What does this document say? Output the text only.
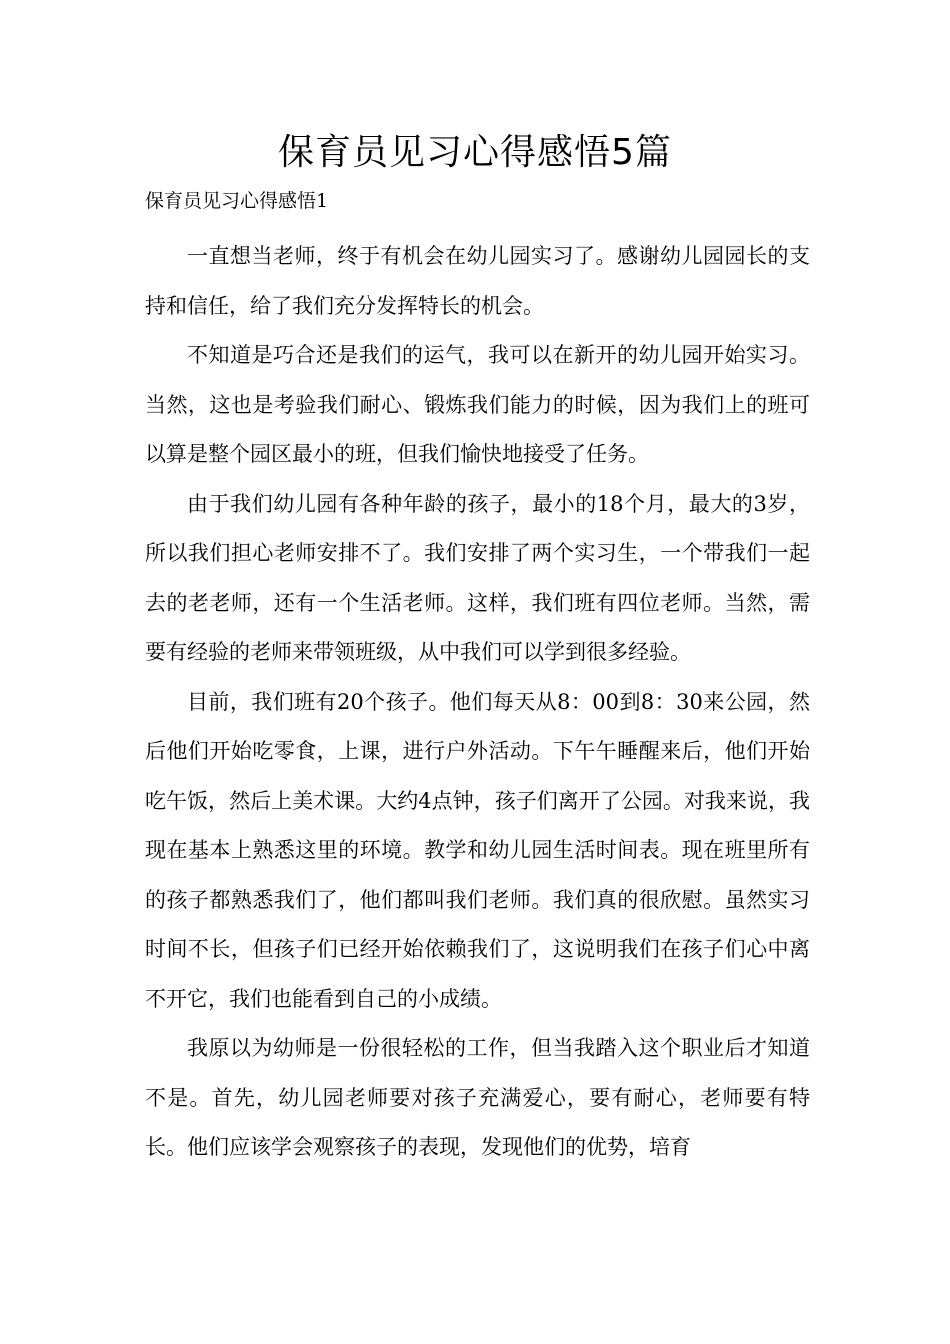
保育员见习心得感悟5篇
保育员见习心得感悟1

一直想当老师，终于有机会在幼儿园实习了。感谢幼儿园园长的支持和信任，给了我们充分发挥特长的机会。

不知道是巧合还是我们的运气，我可以在新开的幼儿园开始实习。当然，这也是考验我们耐心、锻炼我们能力的时候，因为我们上的班可以算是整个园区最小的班，但我们愉快地接受了任务。

由于我们幼儿园有各种年龄的孩子，最小的18个月，最大的3岁，所以我们担心老师安排不了。我们安排了两个实习生，一个带我们一起去的老老师，还有一个生活老师。这样，我们班有四位老师。当然，需要有经验的老师来带领班级，从中我们可以学到很多经验。

目前，我们班有20个孩子。他们每天从8：00到8：30来公园，然后他们开始吃零食，上课，进行户外活动。下午午睡醒来后，他们开始吃午饭，然后上美术课。大约4点钟，孩子们离开了公园。对我来说，我现在基本上熟悉这里的环境。教学和幼儿园生活时间表。现在班里所有的孩子都熟悉我们了，他们都叫我们老师。我们真的很欣慰。虽然实习时间不长，但孩子们已经开始依赖我们了，这说明我们在孩子们心中离不开它，我们也能看到自己的小成绩。

我原以为幼师是一份很轻松的工作，但当我踏入这个职业后才知道不是。首先，幼儿园老师要对孩子充满爱心，要有耐心，老师要有特长。他们应该学会观察孩子的表现，发现他们的优势，培育
